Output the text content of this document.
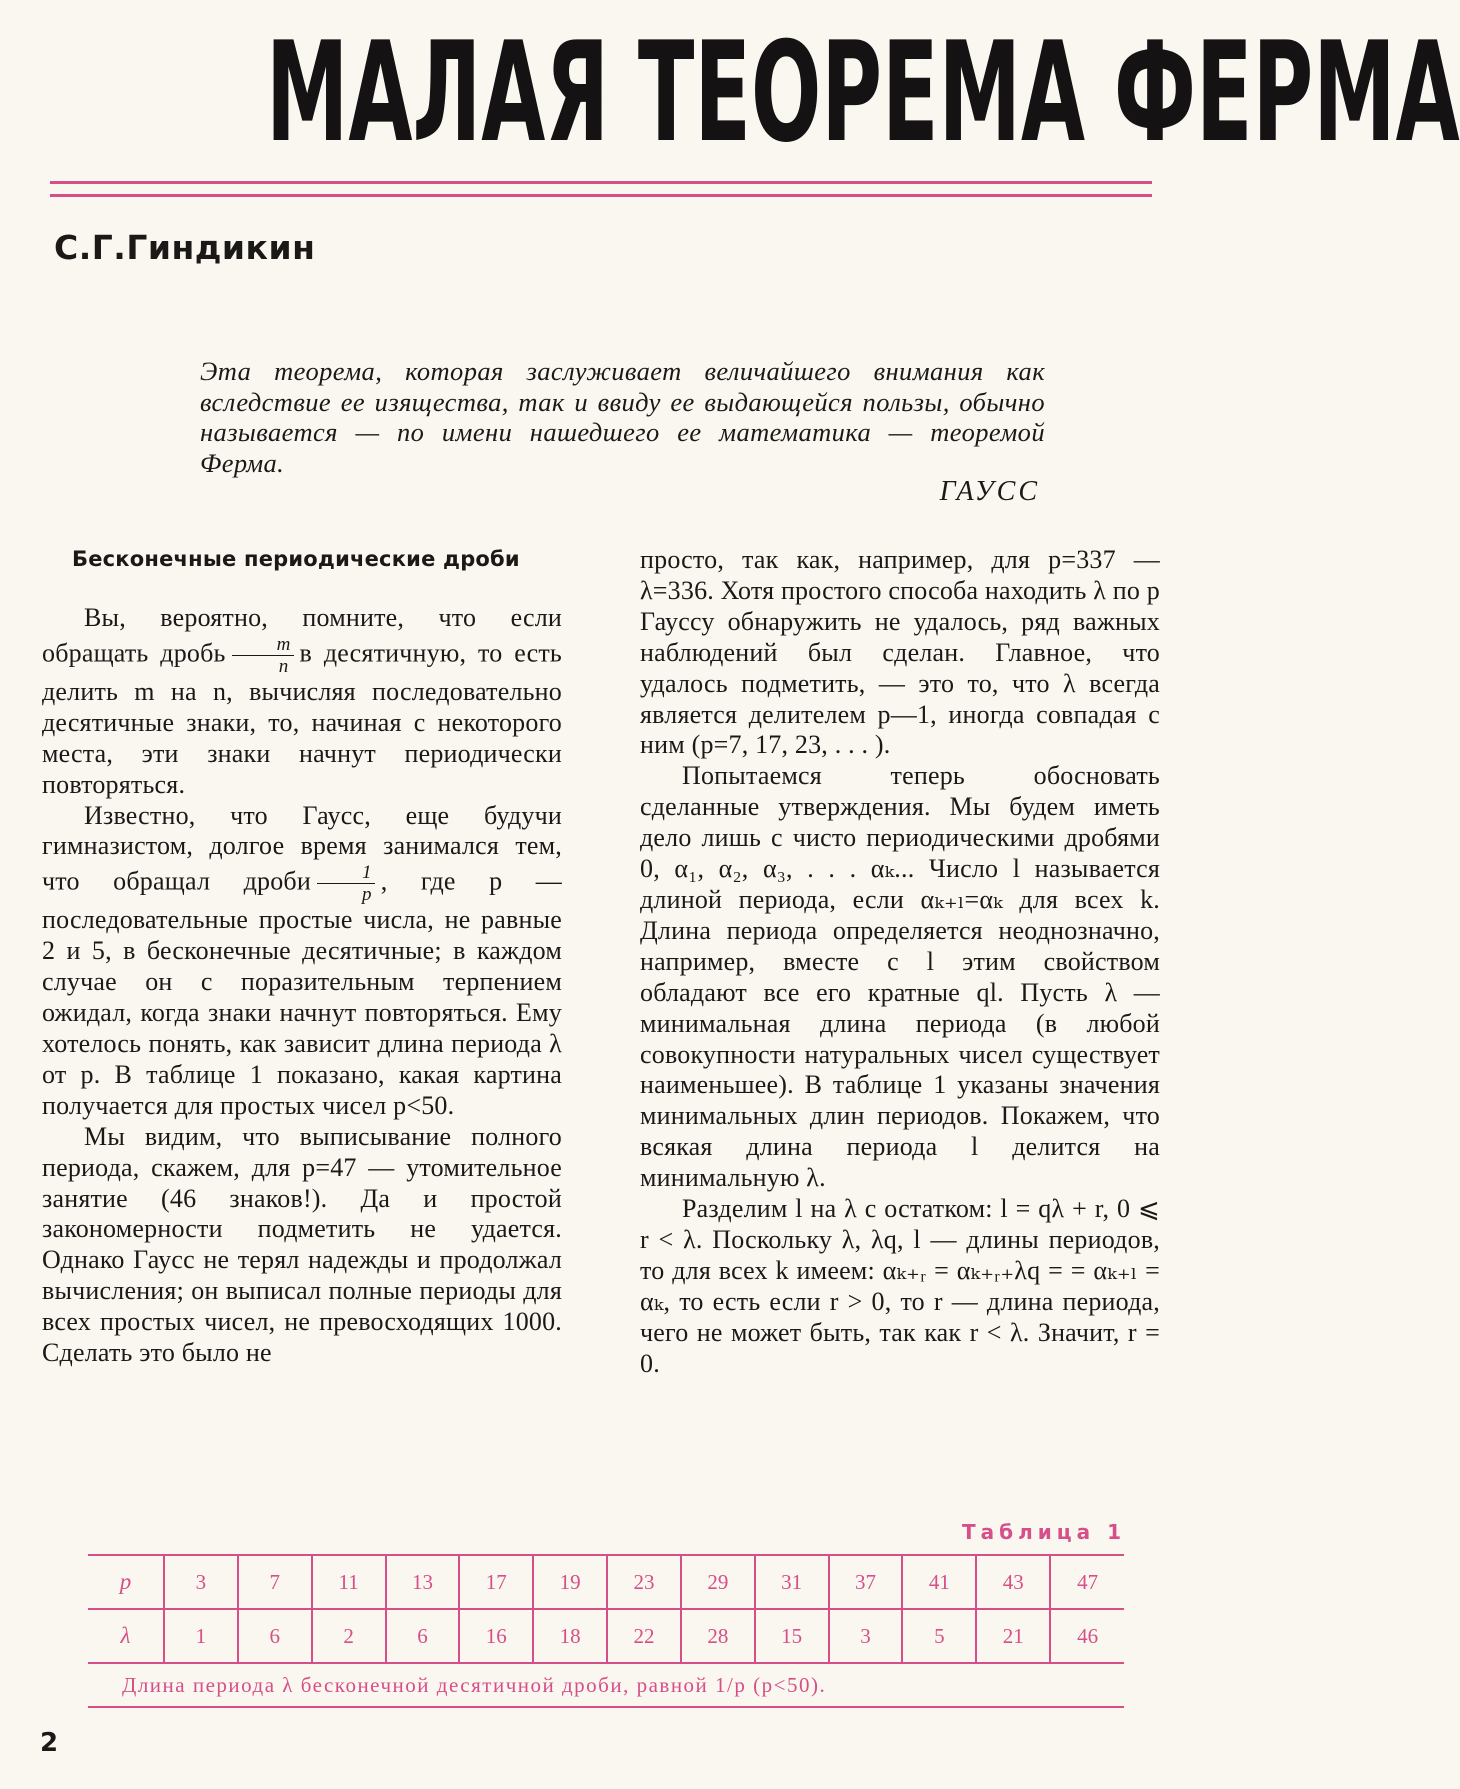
МАЛАЯ ТЕОРЕМА ФЕРМА
С.Г.Гиндикин
Эта теорема, которая заслуживает величайшего внимания как вследствие ее изящества, так и ввиду ее выдающейся пользы, обычно называется — по имени нашедшего ее математика — теоремой Ферма.
ГАУСС
Бесконечные периодические дроби

Вы, вероятно, помните, что если обращать дробь $\frac{m}{n}$ в десятичную, то есть делить m на n, вычисляя последовательно десятичные знаки, то, начиная с некоторого места, эти знаки начнут периодически повторяться.

Известно, что Гаусс, еще будучи гимназистом, долгое время занимался тем, что обращал дроби $\frac{1}{p}$ , где p — последовательные простые числа, не равные 2 и 5, в бесконечные десятичные; в каждом случае он с поразительным терпением ожидал, когда знаки начнут повторяться. Ему хотелось понять, как зависит длина периода λ от p. В таблице 1 показано, какая картина получается для простых чисел p<50.

Мы видим, что выписывание полного периода, скажем, для p=47 — утомительное занятие (46 знаков!). Да и простой закономерности подметить не удается. Однако Гаусс не терял надежды и продолжал вычисления; он выписал полные периоды для всех простых чисел, не превосходящих 1000. Сделать это было не

просто, так как, например, для p=337 — λ=336. Хотя простого способа находить λ по p Гауссу обнаружить не удалось, ряд важных наблюдений был сделан. Главное, что удалось подметить, — это то, что λ всегда является делителем p—1, иногда совпадая с ним (p=7, 17, 23, . . . ).

Попытаемся теперь обосновать сделанные утверждения. Мы будем иметь дело лишь с чисто периодическими дробями 0, α₁, α₂, α₃, . . . αₖ... Число l называется длиной периода, если αₖ₊ₗ=αₖ для всех k. Длина периода определяется неоднозначно, например, вместе с l этим свойством обладают все его кратные ql. Пусть λ — минимальная длина периода (в любой совокупности натуральных чисел существует наименьшее). В таблице 1 указаны значения минимальных длин периодов. Покажем, что всякая длина периода l делится на минимальную λ.

Разделим l на λ с остатком: l = qλ + r, 0 ⩽ r < λ. Поскольку λ, λq, l — длины периодов, то для всех k имеем: αₖ₊ᵣ = αₖ₊ᵣ₊λq = = αₖ₊ₗ = αₖ, то есть если r > 0, то r — длина периода, чего не может быть, так как r < λ. Значит, r = 0.

Таблица 1
p	3	7	11	13	17	19	23	29	31	37	41	43	47
λ	1	6	2	6	16	18	22	28	15	3	5	21	46
Длина периода λ бесконечной десятичной дроби, равной 1/p (p<50).
2
